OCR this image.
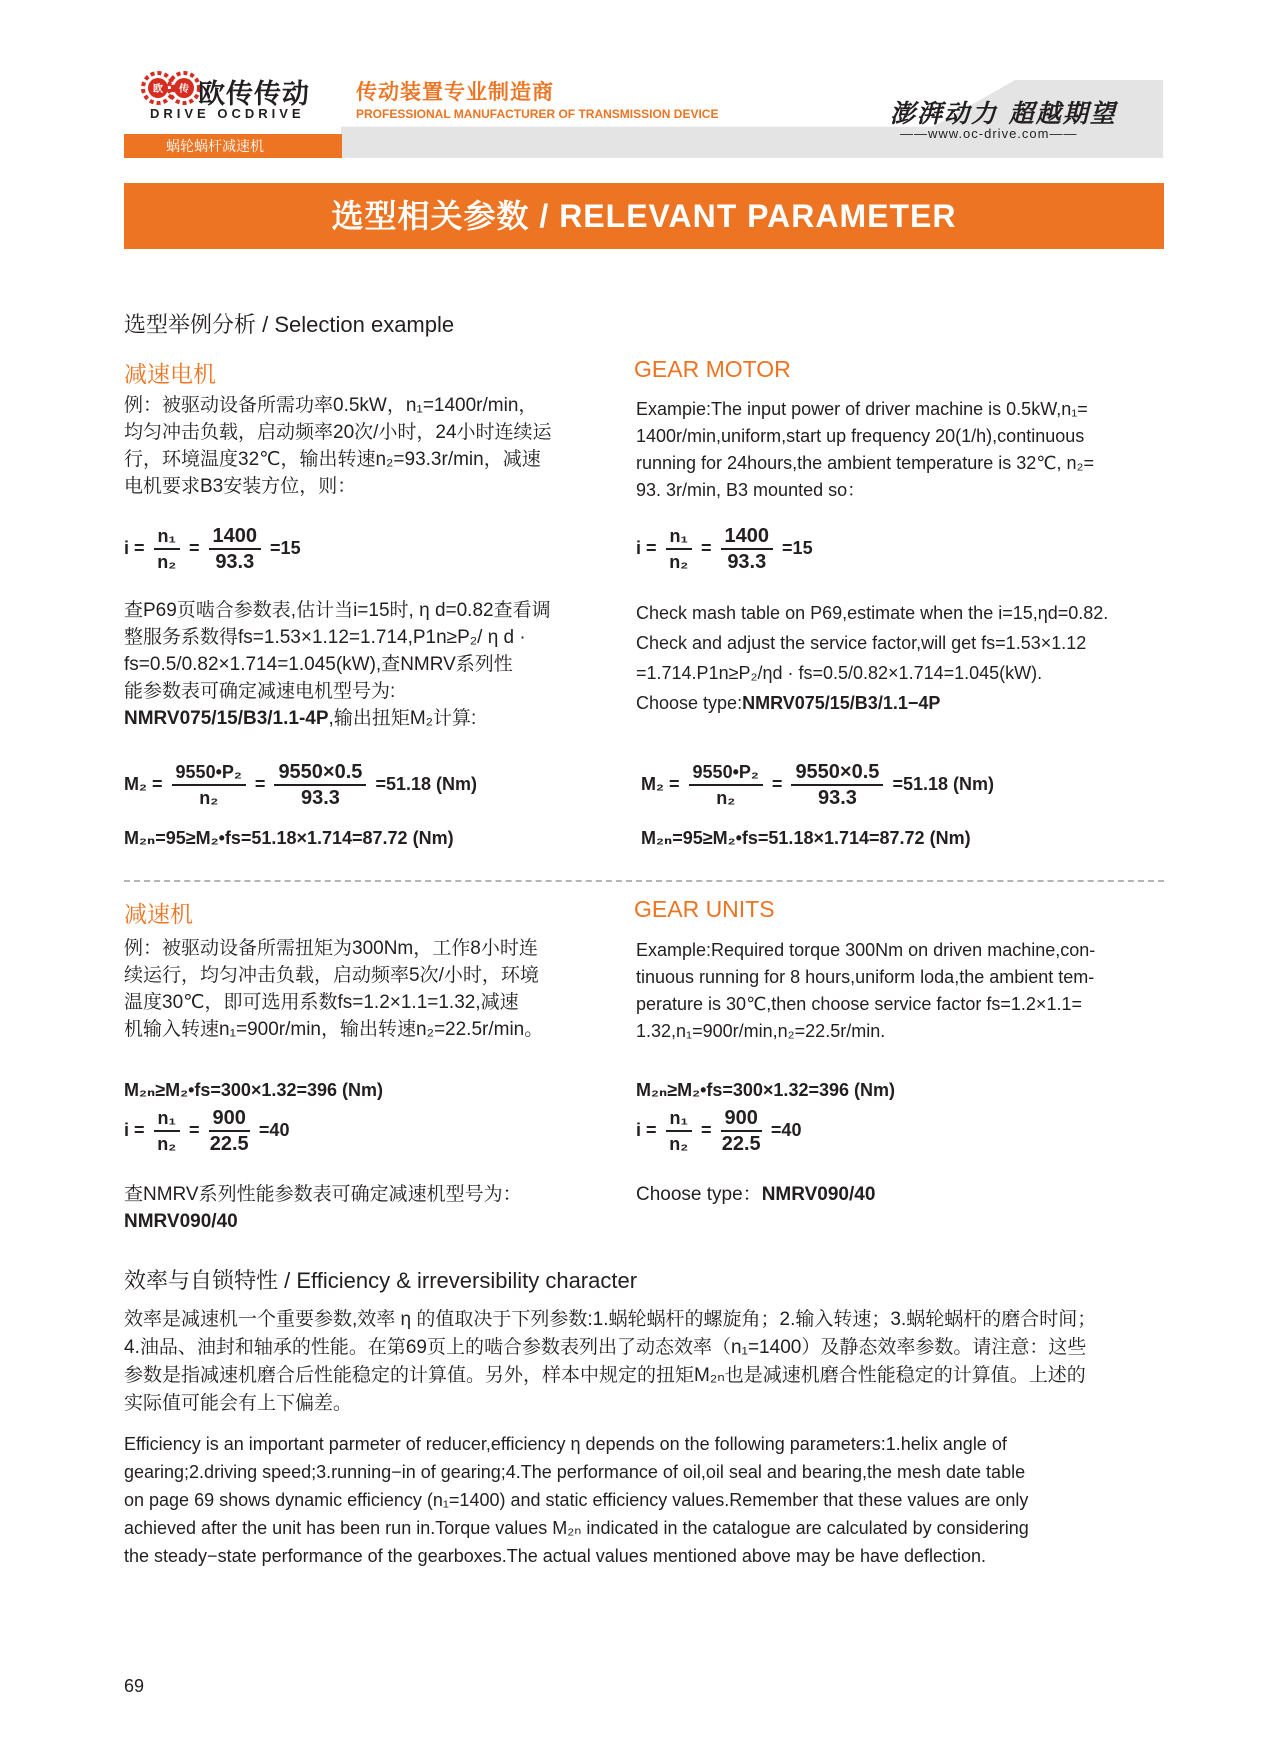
蜗轮蜗杆减速机
欧 传 欧传传动
DRIVE OCDRIVE
传动装置专业制造商
PROFESSIONAL MANUFACTURER OF TRANSMISSION DEVICE	澎湃动力 超越期望
——www.oc-drive.com——
选型相关参数 / RELEVANT PARAMETER
选型举例分析 / Selection example
减速电机	GEAR MOTOR
例：被驱动设备所需功率0.5kW，n₁=1400r/min，
均匀冲击负载，启动频率20次/小时，24小时连续运
行，环境温度32℃，输出转速n₂=93.3r/min，减速
电机要求B3安装方位，则：
Exampie:The input power of driver machine is 0.5kW,n₁=
1400r/min,uniform,start up frequency 20(1/h),continuous
running for 24hours,the ambient temperature is 32℃, n₂=
93. 3r/min, B3 mounted so：
$i = \frac{\text{n₁}}{\text{n₂}} = \frac{1400}{93.3} =15$	$i = \frac{\text{n₁}}{\text{n₂}} = \frac{1400}{93.3} =15$
查P69页啮合参数表,估计当i=15时, η d=0.82查看调
整服务系数得fs=1.53×1.12=1.714,P1n≥P₂/ η d ·
fs=0.5/0.82×1.714=1.045(kW),查NMRV系列性
能参数表可确定减速电机型号为:
NMRV075/15/B3/1.1-4P,输出扭矩M₂计算:
Check mash table on P69,estimate when the i=15,ηd=0.82.
Check and adjust the service factor,will get fs=1.53×1.12
=1.714.P1n≥P₂/ηd · fs=0.5/0.82×1.714=1.045(kW).
Choose type:NMRV075/15/B3/1.1−4P
$M_2 = \frac{\text{9550•P₂}}{\text{n₂}} = \frac{9550\times 0.5}{93.3} =51.18$ (Nm)	$M_2 = \frac{\text{9550•P₂}}{\text{n₂}} = \frac{9550\times 0.5}{93.3} =51.18$ (Nm)
M₂ₙ=95≥M₂•fs=51.18×1.714=87.72 (Nm)	M₂ₙ=95≥M₂•fs=51.18×1.714=87.72 (Nm)
减速机	GEAR UNITS
例：被驱动设备所需扭矩为300Nm，工作8小时连
续运行，均匀冲击负载，启动频率5次/小时，环境
温度30℃，即可选用系数fs=1.2×1.1=1.32,减速
机输入转速n₁=900r/min，输出转速n₂=22.5r/min。
Example:Required torque 300Nm on driven machine,con-
tinuous running for 8 hours,uniform loda,the ambient tem-
perature is 30℃,then choose service factor fs=1.2×1.1=
1.32,n₁=900r/min,n₂=22.5r/min.
M₂ₙ≥M₂•fs=300×1.32=396 (Nm)	M₂ₙ≥M₂•fs=300×1.32=396 (Nm)
$i = \frac{\text{n₁}}{\text{n₂}} = \frac{900}{22.5} =40$	$i = \frac{\text{n₁}}{\text{n₂}} = \frac{900}{22.5} =40$
查NMRV系列性能参数表可确定减速机型号为：
NMRV090/40
Choose type：NMRV090/40
效率与自锁特性 / Efficiency & irreversibility character
效率是减速机一个重要参数,效率 η 的值取决于下列参数:1.蜗轮蜗杆的螺旋角；2.输入转速；3.蜗轮蜗杆的磨合时间；
4.油品、油封和轴承的性能。在第69页上的啮合参数表列出了动态效率（n₁=1400）及静态效率参数。请注意：这些
参数是指减速机磨合后性能稳定的计算值。另外，样本中规定的扭矩M₂ₙ也是减速机磨合性能稳定的计算值。上述的
实际值可能会有上下偏差。
Efficiency is an important parmeter of reducer,efficiency η depends on the following parameters:1.helix angle of
gearing;2.driving speed;3.running−in of gearing;4.The performance of oil,oil seal and bearing,the mesh date table
on page 69 shows dynamic efficiency (n₁=1400) and static efficiency values.Remember that these values are only
achieved after the unit has been run in.Torque values M₂ₙ indicated in the catalogue are calculated by considering
the steady−state performance of the gearboxes.The actual values mentioned above may be have deflection.
69
